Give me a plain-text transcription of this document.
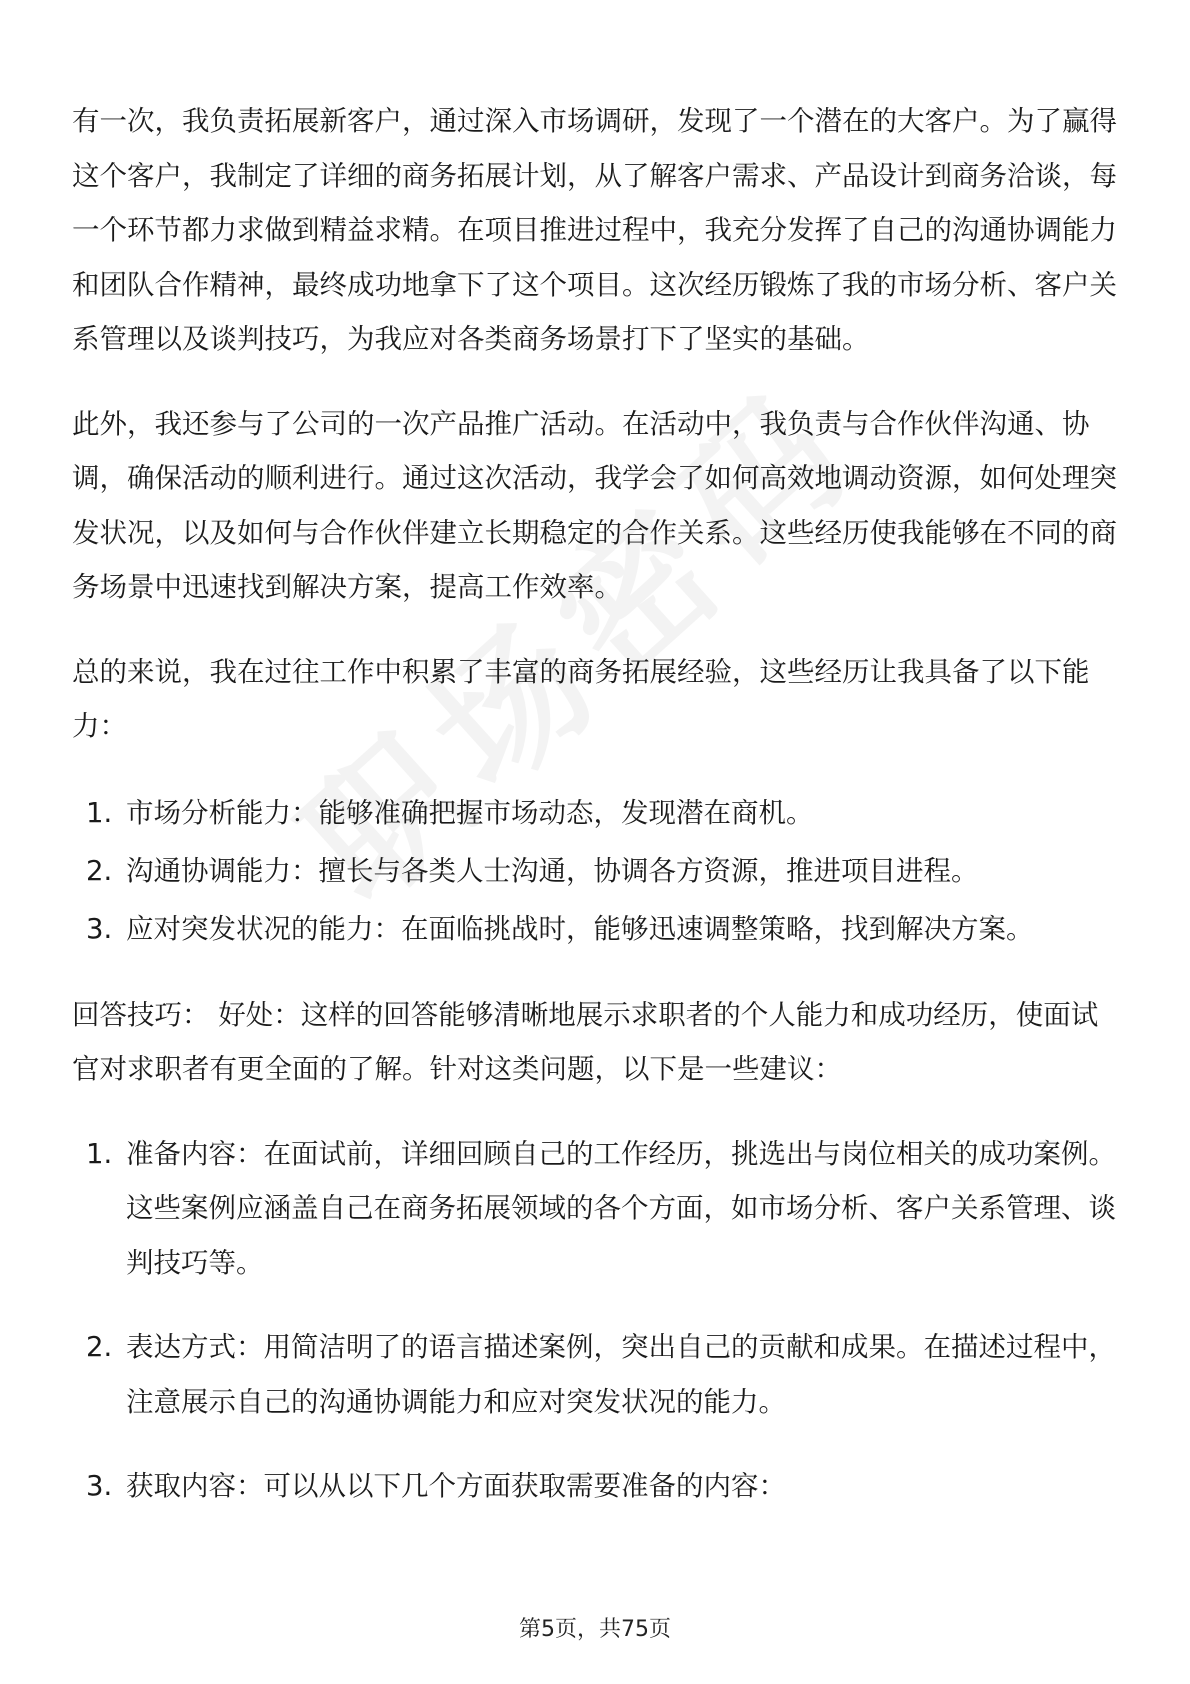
有一次，我负责拓展新客户，通过深入市场调研，发现了一个潜在的大客户。为了赢得这个客户，我制定了详细的商务拓展计划，从了解客户需求、产品设计到商务洽谈，每一个环节都力求做到精益求精。在项目推进过程中，我充分发挥了自己的沟通协调能力和团队合作精神，最终成功地拿下了这个项目。这次经历锻炼了我的市场分析、客户关系管理以及谈判技巧，为我应对各类商务场景打下了坚实的基础。

此外，我还参与了公司的一次产品推广活动。在活动中，我负责与合作伙伴沟通、协调，确保活动的顺利进行。通过这次活动，我学会了如何高效地调动资源，如何处理突发状况，以及如何与合作伙伴建立长期稳定的合作关系。这些经历使我能够在不同的商务场景中迅速找到解决方案，提高工作效率。

总的来说，我在过往工作中积累了丰富的商务拓展经验，这些经历让我具备了以下能力：

1. 市场分析能力：能够准确把握市场动态，发现潜在商机。
2. 沟通协调能力：擅长与各类人士沟通，协调各方资源，推进项目进程。
3. 应对突发状况的能力：在面临挑战时，能够迅速调整策略，找到解决方案。

回答技巧： 好处：这样的回答能够清晰地展示求职者的个人能力和成功经历，使面试官对求职者有更全面的了解。针对这类问题，以下是一些建议：

1. 准备内容：在面试前，详细回顾自己的工作经历，挑选出与岗位相关的成功案例。这些案例应涵盖自己在商务拓展领域的各个方面，如市场分析、客户关系管理、谈判技巧等。
2. 表达方式：用简洁明了的语言描述案例，突出自己的贡献和成果。在描述过程中，注意展示自己的沟通协调能力和应对突发状况的能力。
3. 获取内容：可以从以下几个方面获取需要准备的内容：
第5页，共75页
